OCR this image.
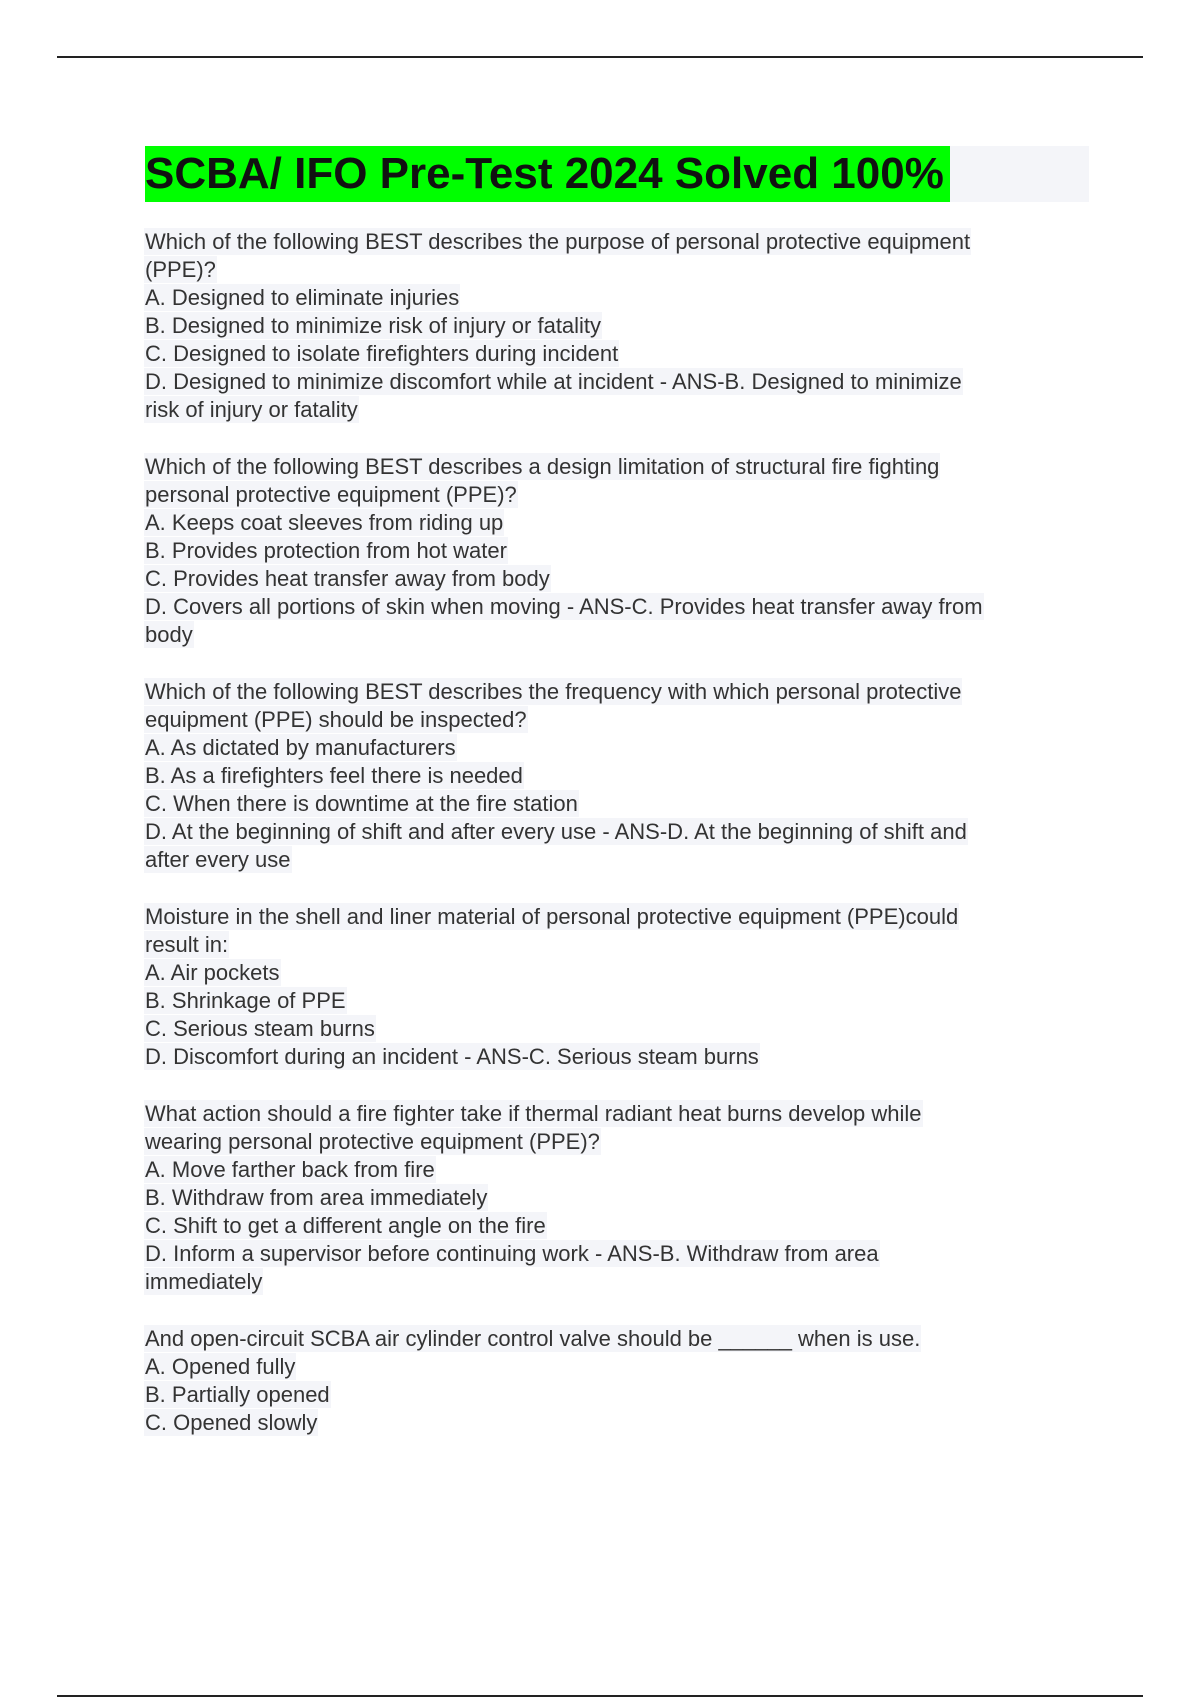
SCBA/ IFO Pre-Test 2024 Solved 100%
Which of the following BEST describes the purpose of personal protective equipment
(PPE)?
A. Designed to eliminate injuries
B. Designed to minimize risk of injury or fatality
C. Designed to isolate firefighters during incident
D. Designed to minimize discomfort while at incident - ANS-B. Designed to minimize
risk of injury or fatality
Which of the following BEST describes a design limitation of structural fire fighting
personal protective equipment (PPE)?
A. Keeps coat sleeves from riding up
B. Provides protection from hot water
C. Provides heat transfer away from body
D. Covers all portions of skin when moving - ANS-C. Provides heat transfer away from
body
Which of the following BEST describes the frequency with which personal protective
equipment (PPE) should be inspected?
A. As dictated by manufacturers
B. As a firefighters feel there is needed
C. When there is downtime at the fire station
D. At the beginning of shift and after every use - ANS-D. At the beginning of shift and
after every use
Moisture in the shell and liner material of personal protective equipment (PPE)could
result in:
A. Air pockets
B. Shrinkage of PPE
C. Serious steam burns
D. Discomfort during an incident - ANS-C. Serious steam burns
What action should a fire fighter take if thermal radiant heat burns develop while
wearing personal protective equipment (PPE)?
A. Move farther back from fire
B. Withdraw from area immediately
C. Shift to get a different angle on the fire
D. Inform a supervisor before continuing work - ANS-B. Withdraw from area
immediately
And open-circuit SCBA air cylinder control valve should be ______ when is use.
A. Opened fully
B. Partially opened
C. Opened slowly
